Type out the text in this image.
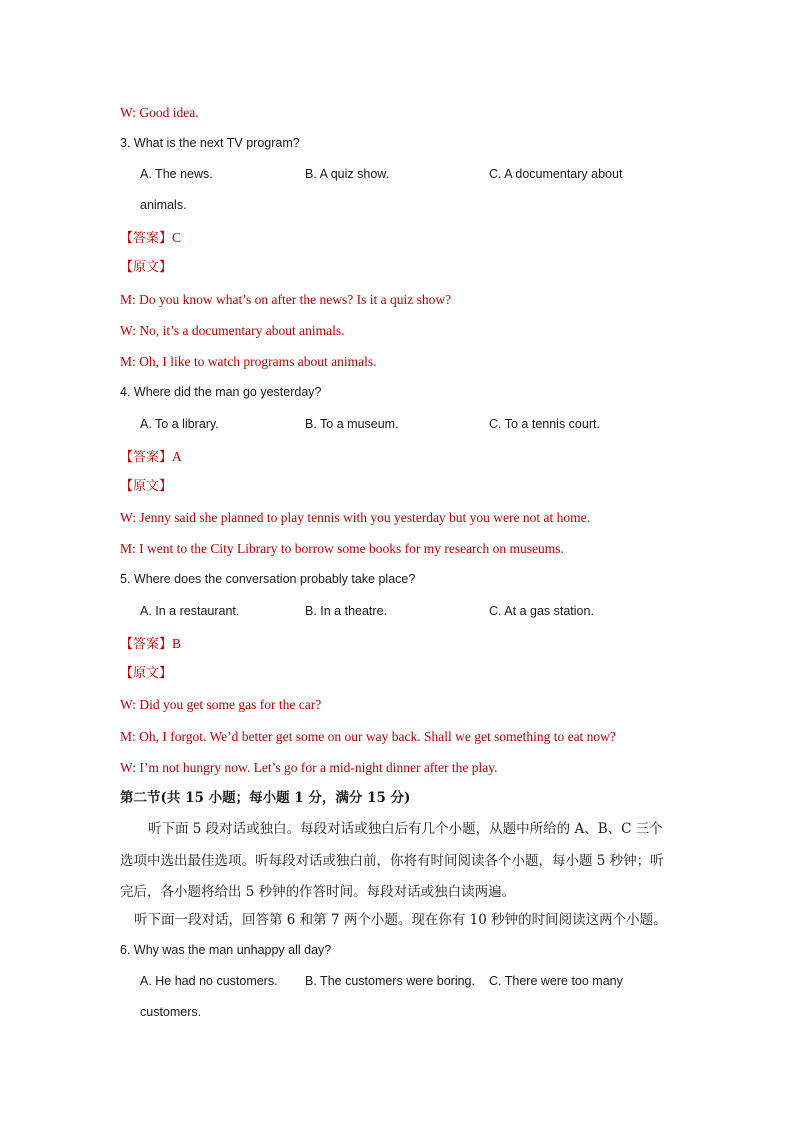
W: Good idea.
3. What is the next TV program?
A. The news.	B. A quiz show.	C. A documentary about
animals.
【答案】C
【原文】
M: Do you know what’s on after the news? Is it a quiz show?
W: No, it’s a documentary about animals.
M: Oh, I like to watch programs about animals.
4. Where did the man go yesterday?
A. To a library.	B. To a museum.	C. To a tennis court.
【答案】A
【原文】
W: Jenny said she planned to play tennis with you yesterday but you were not at home.
M: I went to the City Library to borrow some books for my research on museums.
5. Where does the conversation probably take place?
A. In a restaurant.	B. In a theatre.	C. At a gas station.
【答案】B
【原文】
W: Did you get some gas for the car?
M: Oh, I forgot. We’d better get some on our way back. Shall we get something to eat now?
W: I’m not hungry now. Let’s go for a mid-night dinner after the play.
第二节(共 15 小题；每小题 1 分，满分 15 分)
听下面 5 段对话或独白。每段对话或独白后有几个小题，从题中所给的 A、B、C 三个
选项中选出最佳选项。听每段对话或独白前，你将有时间阅读各个小题，每小题 5 秒钟；听
完后，各小题将给出 5 秒钟的作答时间。每段对话或独白读两遍。
听下面一段对话，回答第 6 和第 7 两个小题。现在你有 10 秒钟的时间阅读这两个小题。
6. Why was the man unhappy all day?
A. He had no customers. B. The customers were boring. C. There were too many
customers.
